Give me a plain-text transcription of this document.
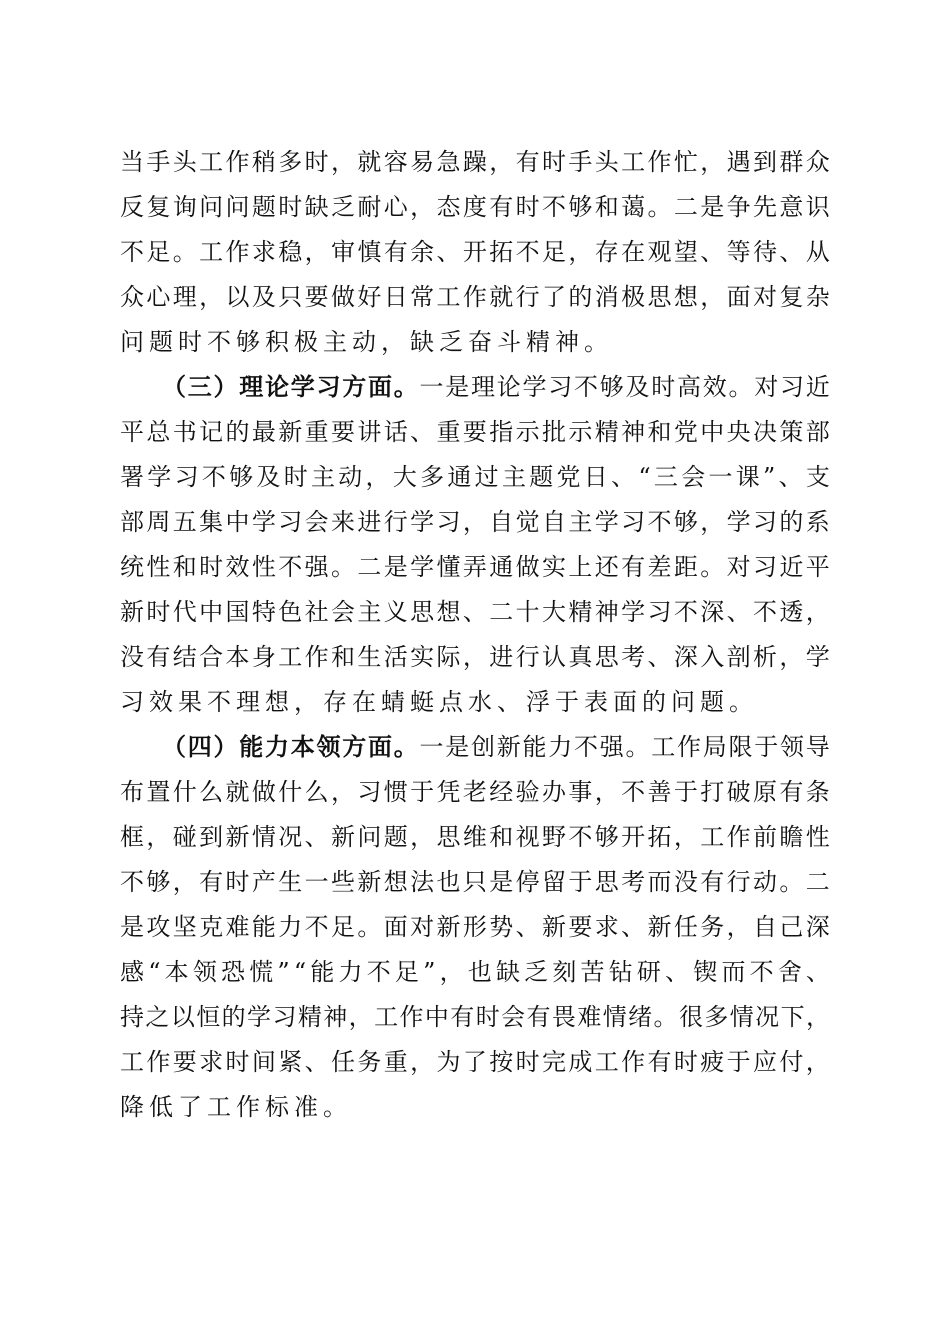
当 手 头 工 作 稍 多 时 ， 就 容 易 急 躁 ， 有 时 手 头 工 作 忙 ， 遇 到 群 众
反 复 询 问 问 题 时 缺 乏 耐 心 ， 态 度 有 时 不 够 和 蔼 。 二 是 争 先 意 识
不 足 。 工 作 求 稳 ， 审 慎 有 余 、 开 拓 不 足 ， 存 在 观 望 、 等 待 、 从
众 心 理 ， 以 及 只 要 做 好 日 常 工 作 就 行 了 的 消 极 思 想 ， 面 对 复 杂
问题时不够积极主动，缺乏奋斗精神。
（ 三 ） 理 论 学 习 方 面 。 一 是 理 论 学 习 不 够 及 时 高 效 。 对 习 近
平 总 书 记 的 最 新 重 要 讲 话 、 重 要 指 示 批 示 精 神 和 党 中 央 决 策 部
署 学 习 不 够 及 时 主 动 ， 大 多 通 过 主 题 党 日 、 “ 三 会 一 课 ” 、 支
部 周 五 集 中 学 习 会 来 进 行 学 习 ， 自 觉 自 主 学 习 不 够 ， 学 习 的 系
统 性 和 时 效 性 不 强 。 二 是 学 懂 弄 通 做 实 上 还 有 差 距 。 对 习 近 平
新 时 代 中 国 特 色 社 会 主 义 思 想 、 二 十 大 精 神 学 习 不 深 、 不 透 ，
没 有 结 合 本 身 工 作 和 生 活 实 际 ， 进 行 认 真 思 考 、 深 入 剖 析 ， 学
习效果不理想，存在蜻蜓点水、浮于表面的问题。
（ 四 ） 能 力 本 领 方 面 。 一 是 创 新 能 力 不 强 。 工 作 局 限 于 领 导
布 置 什 么 就 做 什 么 ， 习 惯 于 凭 老 经 验 办 事 ， 不 善 于 打 破 原 有 条
框 ， 碰 到 新 情 况 、 新 问 题 ， 思 维 和 视 野 不 够 开 拓 ， 工 作 前 瞻 性
不 够 ， 有 时 产 生 一 些 新 想 法 也 只 是 停 留 于 思 考 而 没 有 行 动 。 二
是 攻 坚 克 难 能 力 不 足 。 面 对 新 形 势 、 新 要 求 、 新 任 务 ， 自 己 深
感 “ 本 领 恐 慌 ” “ 能 力 不 足 ” ， 也 缺 乏 刻 苦 钻 研 、 锲 而 不 舍 、
持 之 以 恒 的 学 习 精 神 ， 工 作 中 有 时 会 有 畏 难 情 绪 。 很 多 情 况 下 ，
工 作 要 求 时 间 紧 、 任 务 重 ， 为 了 按 时 完 成 工 作 有 时 疲 于 应 付 ，
降低了工作标准。
